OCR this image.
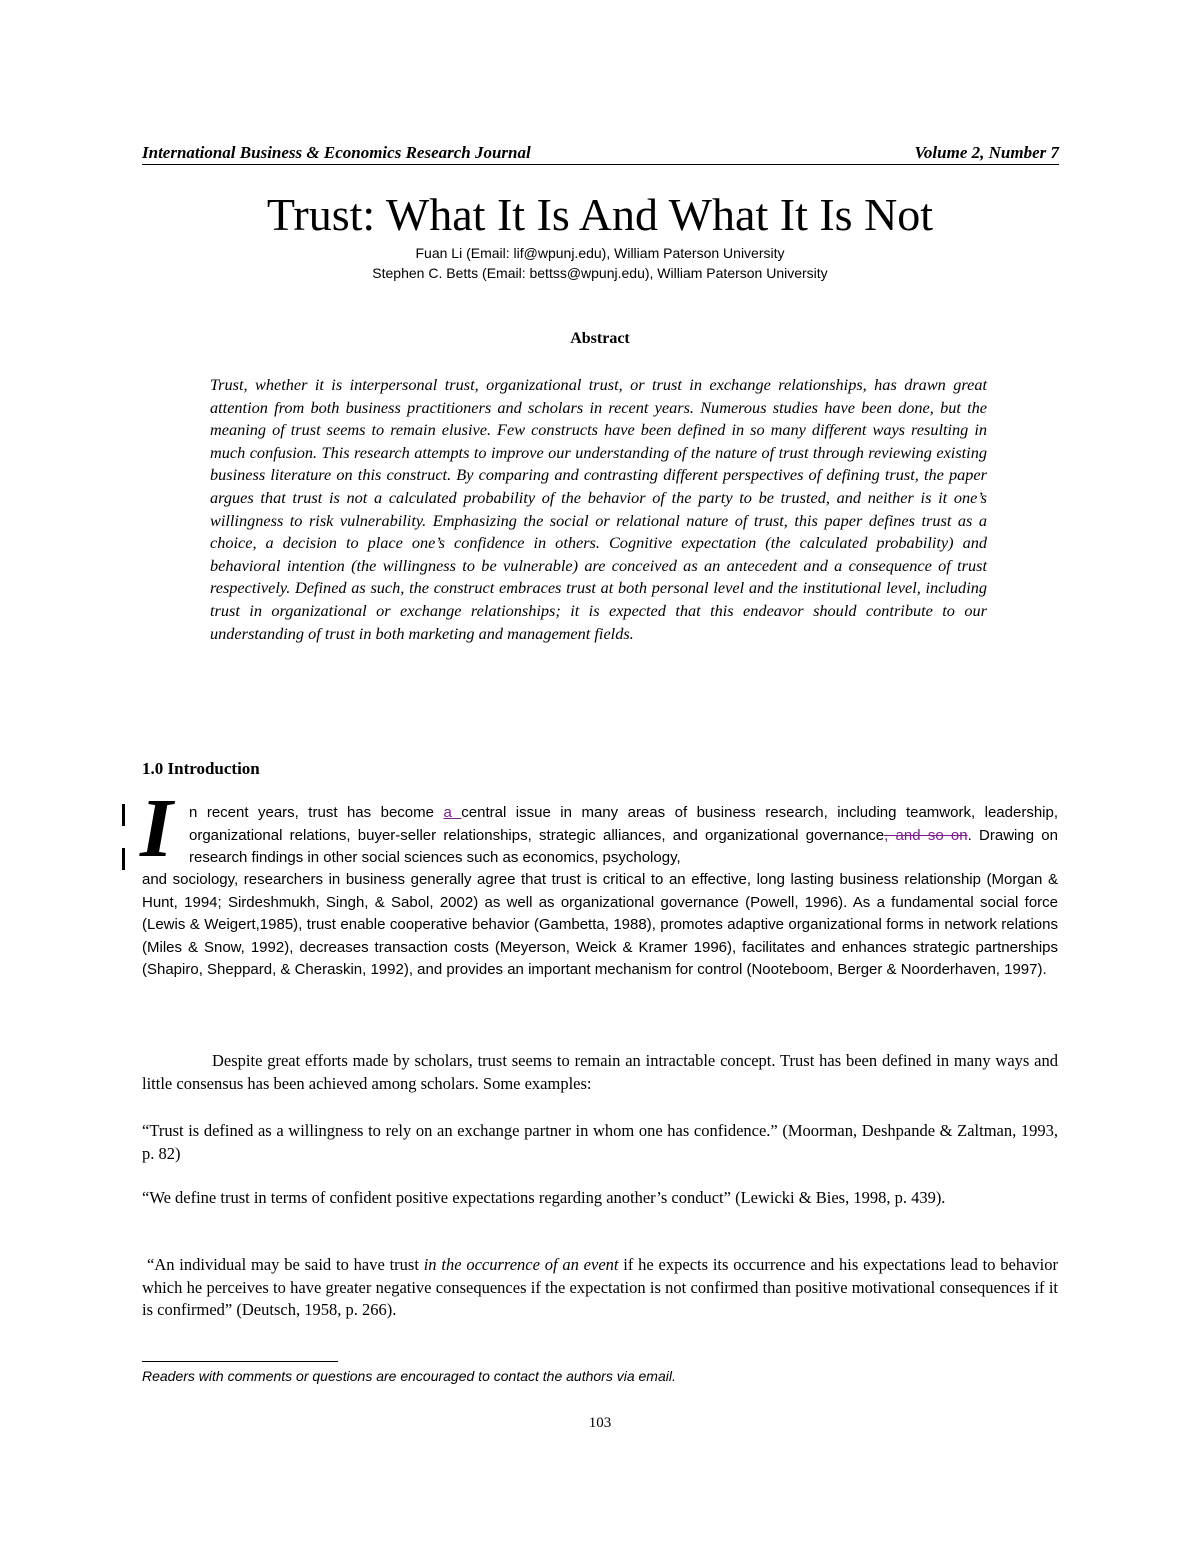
International Business & Economics Research Journal	Volume 2, Number 7
Trust: What It Is And What It Is Not
Fuan Li (Email: lif@wpunj.edu), William Paterson University
Stephen C. Betts (Email: bettss@wpunj.edu), William Paterson University
Abstract
Trust, whether it is interpersonal trust, organizational trust, or trust in exchange relationships, has drawn great attention from both business practitioners and scholars in recent years. Numerous studies have been done, but the meaning of trust seems to remain elusive. Few constructs have been defined in so many different ways resulting in much confusion. This research attempts to improve our understanding of the nature of trust through reviewing existing business literature on this construct. By comparing and contrasting different perspectives of defining trust, the paper argues that trust is not a calculated probability of the behavior of the party to be trusted, and neither is it one’s willingness to risk vulnerability. Emphasizing the social or relational nature of trust, this paper defines trust as a choice, a decision to place one’s confidence in others. Cognitive expectation (the calculated probability) and behavioral intention (the willingness to be vulnerable) are conceived as an antecedent and a consequence of trust respectively. Defined as such, the construct embraces trust at both personal level and the institutional level, including trust in organizational or exchange relationships; it is expected that this endeavor should contribute to our understanding of trust in both marketing and management fields.
1.0 Introduction
I n recent years, trust has become a central issue in many areas of business research, including teamwork, leadership, organizational relations, buyer-seller relationships, strategic alliances, and organizational governance, and so on. Drawing on research findings in other social sciences such as economics, psychology,
and sociology, researchers in business generally agree that trust is critical to an effective, long lasting business relationship (Morgan & Hunt, 1994; Sirdeshmukh, Singh, & Sabol, 2002) as well as organizational governance (Powell, 1996). As a fundamental social force (Lewis & Weigert,1985), trust enable cooperative behavior (Gambetta, 1988), promotes adaptive organizational forms in network relations (Miles & Snow, 1992), decreases transaction costs (Meyerson, Weick & Kramer 1996), facilitates and enhances strategic partnerships (Shapiro, Sheppard, & Cheraskin, 1992), and provides an important mechanism for control (Nooteboom, Berger & Noorderhaven, 1997).
Despite great efforts made by scholars, trust seems to remain an intractable concept. Trust has been defined in many ways and little consensus has been achieved among scholars. Some examples:
“Trust is defined as a willingness to rely on an exchange partner in whom one has confidence.” (Moorman, Deshpande & Zaltman, 1993, p. 82)
“We define trust in terms of confident positive expectations regarding another’s conduct” (Lewicki & Bies, 1998, p. 439).
“An individual may be said to have trust in the occurrence of an event if he expects its occurrence and his expectations lead to behavior which he perceives to have greater negative consequences if the expectation is not confirmed than positive motivational consequences if it is confirmed” (Deutsch, 1958, p. 266).
Readers with comments or questions are encouraged to contact the authors via email.
103
